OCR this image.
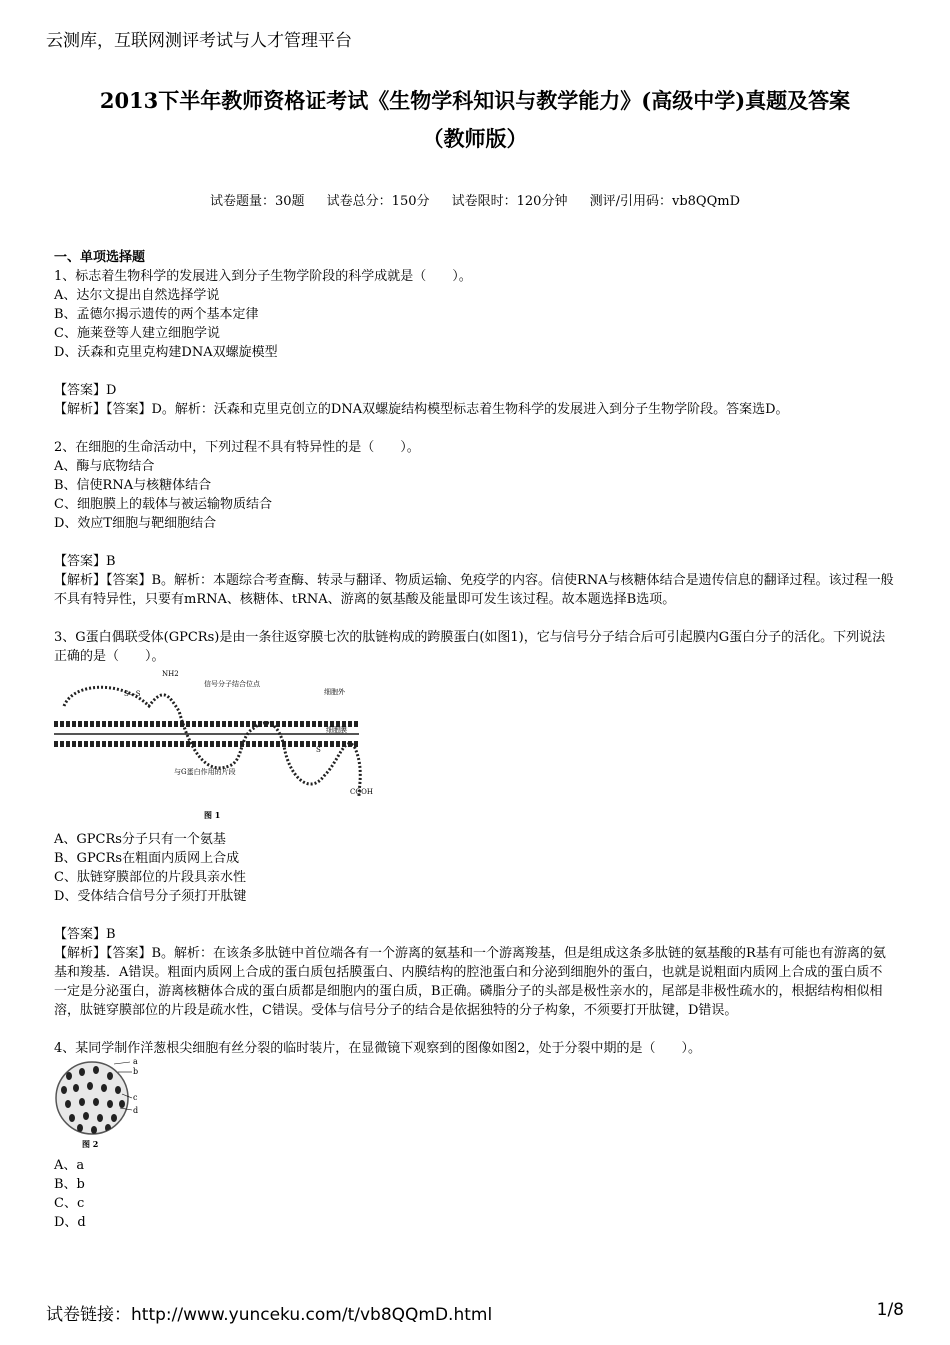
云测库，互联网测评考试与人才管理平台
2013下半年教师资格证考试《生物学科知识与教学能力》(高级中学)真题及答案
（教师版）
试卷题量：30题 试卷总分：150分 试卷限时：120分钟 测评/引用码：vb8QQmD

一、单项选择题

1、标志着生物科学的发展进入到分子生物学阶段的科学成就是（　　）。

A、达尔文提出自然选择学说

B、孟德尔揭示遗传的两个基本定律

C、施莱登等人建立细胞学说

D、沃森和克里克构建DNA双螺旋模型

【答案】D

【解析】【答案】D。解析：沃森和克里克创立的DNA双螺旋结构模型标志着生物科学的发展进入到分子生物学阶段。答案选D。

2、在细胞的生命活动中，下列过程不具有特异性的是（　　）。

A、酶与底物结合

B、信使RNA与核糖体结合

C、细胞膜上的载体与被运输物质结合

D、效应T细胞与靶细胞结合

【答案】B

【解析】【答案】B。解析：本题综合考查酶、转录与翻译、物质运输、免疫学的内容。信使RNA与核糖体结合是遗传信息的翻译过程。该过程一般不具有特异性，只要有mRNA、核糖体、tRNA、游离的氨基酸及能量即可发生该过程。故本题选择B选项。

3、G蛋白偶联受体(GPCRs)是由一条往返穿膜七次的肽链构成的跨膜蛋白(如图1)，它与信号分子结合后可引起膜内G蛋白分子的活化。下列说法正确的是（　　）。

NH2
S—S
信号分子结合位点
细胞外
细胞膜
S
与G蛋白作用的片段
COOH
图 1

A、GPCRs分子只有一个氨基

B、GPCRs在粗面内质网上合成

C、肽链穿膜部位的片段具亲水性

D、受体结合信号分子须打开肽键

【答案】B

【解析】【答案】B。解析：在该条多肽链中首位端各有一个游离的氨基和一个游离羧基，但是组成这条多肽链的氨基酸的R基有可能也有游离的氨基和羧基．A错误。粗面内质网上合成的蛋白质包括膜蛋白、内膜结构的腔池蛋白和分泌到细胞外的蛋白，也就是说粗面内质网上合成的蛋白质不一定是分泌蛋白，游离核糖体合成的蛋白质都是细胞内的蛋白质，B正确。磷脂分子的头部是极性亲水的，尾部是非极性疏水的，根据结构相似相溶，肽链穿膜部位的片段是疏水性，C错误。受体与信号分子的结合是依据独特的分子构象，不须要打开肽键，D错误。

4、某同学制作洋葱根尖细胞有丝分裂的临时装片，在显微镜下观察到的图像如图2，处于分裂中期的是（　　）。

a
b
c
d
图 2

A、a

B、b

C、c

D、d

试卷链接：http://www.yunceku.com/t/vb8QQmD.html	1/8
